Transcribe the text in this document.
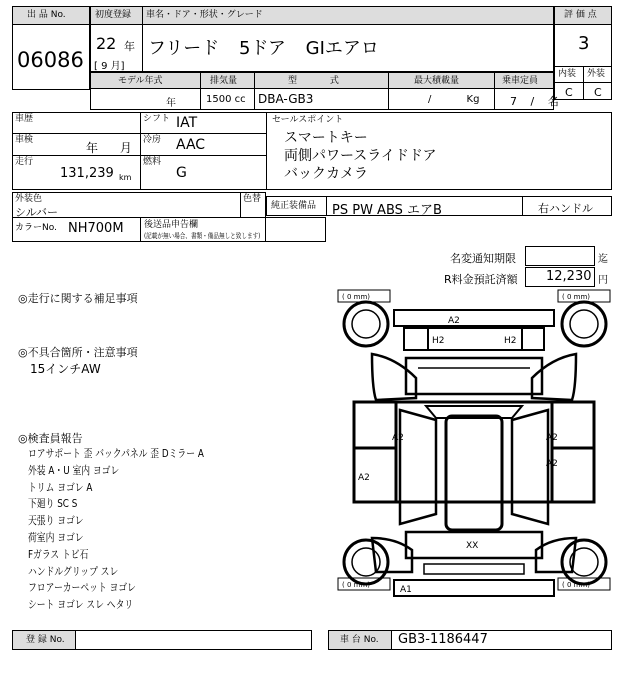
出 品 No.
06086
初度登録 車名・ドア・形状・グレード
22 年
[ 9 月]
フリード 5ドア GIエアロ
評 価 点
3
内装 外装
C C
モデル年式	排気量	型 式	最大積載量	乗車定員
年	1500 cc DBA-GB3	/ Kg	7 / 名
車歴
車検
年 月
走行
131,239 km
シフト IAT
冷房 AAC
燃料
G
セールスポイント
スマートキー
両側パワースライドドア
バックカメラ
外装色
シルバー
色替
カラーNo. NH700M
純正装備品 PS PW ABS エアB	右ハンドル
後送品申告欄
(記載が無い場合、書類・備品無しと致します)
名変通知期限	迄
R料金預託済額 12,230 円
◎走行に関する補足事項
◎不具合箇所・注意事項
15インチAW
◎検査員報告
ロアサポート 歪 バックパネル 歪 Dミラー A
外装 A・U 室内 ヨゴレ
トリム ヨゴレ A
下廻り SC S
天張り ヨゴレ
荷室内 ヨゴレ
Fガラス トビ石
ハンドルグリップ スレ
フロアーカーペット ヨゴレ
シート ヨゴレ スレ ヘタリ
( 0 mm)	( 0 mm)
( 0 mm)	( 0 mm)
A2
H2	H2
A2	A2
A2
A2
XX
A1
登 録 No.	車 台 No. GB3-1186447
